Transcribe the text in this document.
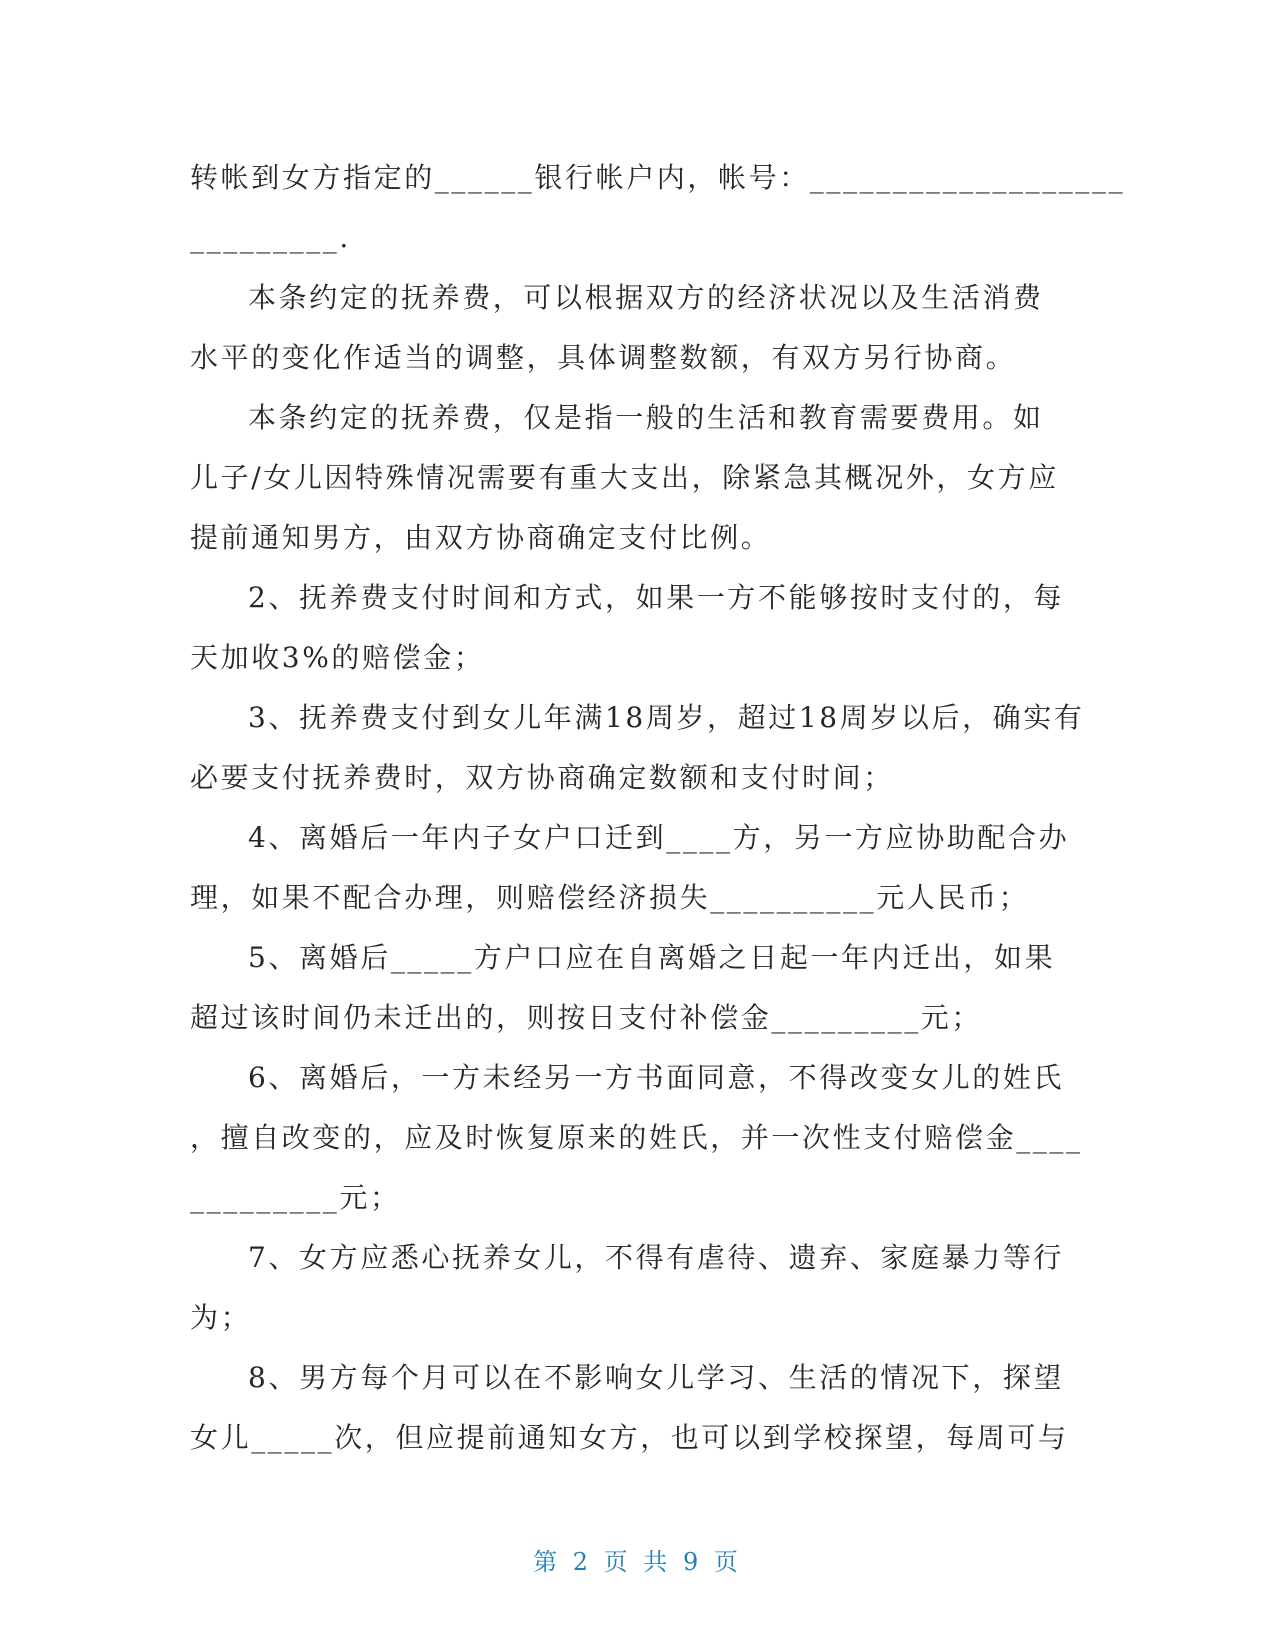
转帐到女方指定的______银行帐户内，帐号：___________________
_________.
本条约定的抚养费，可以根据双方的经济状况以及生活消费
水平的变化作适当的调整，具体调整数额，有双方另行协商。
本条约定的抚养费，仅是指一般的生活和教育需要费用。如
儿子/女儿因特殊情况需要有重大支出，除紧急其概况外，女方应
提前通知男方，由双方协商确定支付比例。
2、抚养费支付时间和方式，如果一方不能够按时支付的，每
天加收3%的赔偿金；
3、抚养费支付到女儿年满18周岁，超过18周岁以后，确实有
必要支付抚养费时，双方协商确定数额和支付时间；
4、离婚后一年内子女户口迁到____方，另一方应协助配合办
理，如果不配合办理，则赔偿经济损失__________元人民币；
5、离婚后_____方户口应在自离婚之日起一年内迁出，如果
超过该时间仍未迁出的，则按日支付补偿金_________元；
6、离婚后，一方未经另一方书面同意，不得改变女儿的姓氏
，擅自改变的，应及时恢复原来的姓氏，并一次性支付赔偿金____
_________元；
7、女方应悉心抚养女儿，不得有虐待、遗弃、家庭暴力等行
为；
8、男方每个月可以在不影响女儿学习、生活的情况下，探望
女儿_____次，但应提前通知女方，也可以到学校探望，每周可与
第 2 页 共 9 页
